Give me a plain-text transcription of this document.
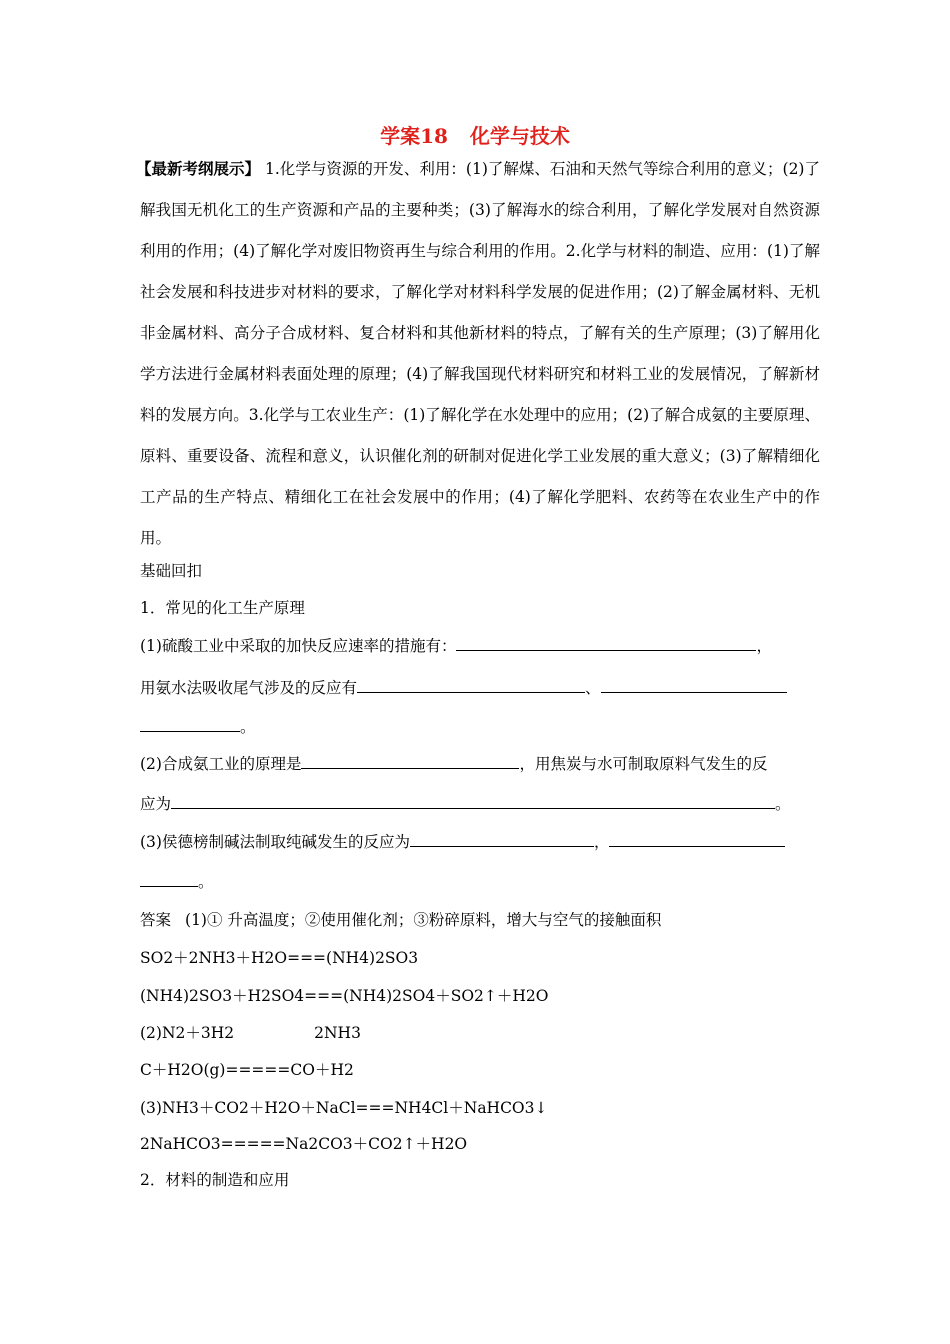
学案18 化学与技术
【最新考纲展示】 1.化学与资源的开发、利用：(1)了解煤、石油和天然气等综合利用的意义；(2)了解我国无机化工的生产资源和产品的主要种类；(3)了解海水的综合利用，了解化学发展对自然资源利用的作用；(4)了解化学对废旧物资再生与综合利用的作用。2.化学与材料的制造、应用：(1)了解社会发展和科技进步对材料的要求，了解化学对材料科学发展的促进作用；(2)了解金属材料、无机非金属材料、高分子合成材料、复合材料和其他新材料的特点，了解有关的生产原理；(3)了解用化学方法进行金属材料表面处理的原理；(4)了解我国现代材料研究和材料工业的发展情况，了解新材料的发展方向。3.化学与工农业生产：(1)了解化学在水处理中的应用；(2)了解合成氨的主要原理、原料、重要设备、流程和意义，认识催化剂的研制对促进化学工业发展的重大意义；(3)了解精细化工产品的生产特点、精细化工在社会发展中的作用；(4)了解化学肥料、农药等在农业生产中的作用。
基础回扣
1．常见的化工生产原理
(1)硫酸工业中采取的加快反应速率的措施有：	，
用氨水法吸收尾气涉及的反应有	、
。
(2)合成氨工业的原理是	，用焦炭与水可制取原料气发生的反
应为	。
(3)侯德榜制碱法制取纯碱发生的反应为	，
。
答案 (1)① 升高温度；②使用催化剂；③粉碎原料，增大与空气的接触面积
SO2＋2NH3＋H2O===(NH4)2SO3
(NH4)2SO3＋H2SO4===(NH4)2SO4＋SO2↑＋H2O
(2)N2＋3H2	2NH3
C＋H2O(g)=====CO＋H2
(3)NH3＋CO2＋H2O＋NaCl===NH4Cl＋NaHCO3↓
2NaHCO3=====Na2CO3＋CO2↑＋H2O
2．材料的制造和应用
